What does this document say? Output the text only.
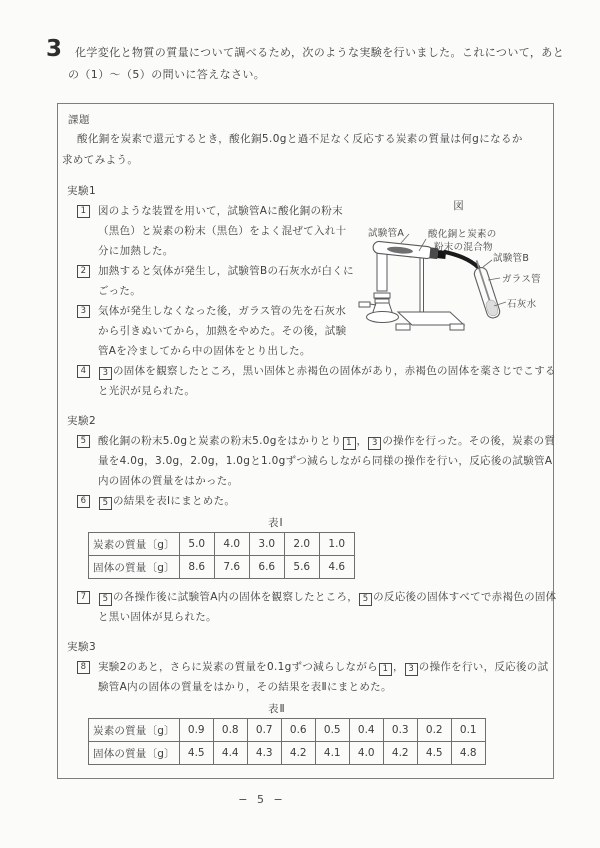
3	化学変化と物質の質量について調べるため，次のような実験を行いました。これについて，あと
の（1）～（5）の問いに答えなさい。
課題
酸化銅を炭素で還元するとき，酸化銅5.0gと過不足なく反応する炭素の質量は何gになるか
求めてみよう。
実験1
1	図のような装置を用いて，試験管Aに酸化銅の粉末（黒色）と炭素の粉末（黒色）をよく混ぜて入れ十分に加熱した。
2	加熱すると気体が発生し，試験管Bの石灰水が白くにごった。
3	気体が発生しなくなった後，ガラス管の先を石灰水から引きぬいてから，加熱をやめた。その後，試験管Aを冷ましてから中の固体をとり出した。
4	3 の固体を観察したところ，黒い固体と赤褐色の固体があり，赤褐色の固体を薬さじでこすると光沢が見られた。
実験2
5	酸化銅の粉末5.0gと炭素の粉末5.0gをはかりとり 1 ， 3 の操作を行った。その後，炭素の質量を4.0g，3.0g，2.0g，1.0gと1.0gずつ減らしながら同様の操作を行い，反応後の試験管A内の固体の質量をはかった。
6	5 の結果を表Ⅰにまとめた。
表Ⅰ
炭素の質量〔g〕	5.0	4.0	3.0	2.0	1.0
固体の質量〔g〕	8.6	7.6	6.6	5.6	4.6
7	5 の各操作後に試験管A内の固体を観察したところ， 5 の反応後の固体すべてで赤褐色の固体と黒い固体が見られた。
実験3
8	実験2のあと，さらに炭素の質量を0.1gずつ減らしながら 1 ， 3 の操作を行い，反応後の試験管A内の固体の質量をはかり，その結果を表Ⅱにまとめた。
表Ⅱ
炭素の質量〔g〕	0.9	0.8	0.7	0.6	0.5	0.4	0.3	0.2	0.1
固体の質量〔g〕	4.5	4.4	4.3	4.2	4.1	4.0	4.2	4.5	4.8
図
試験管A	酸化銅と炭素の
粉末の混合物
試験管B
ガラス管
石灰水
− 5 −
